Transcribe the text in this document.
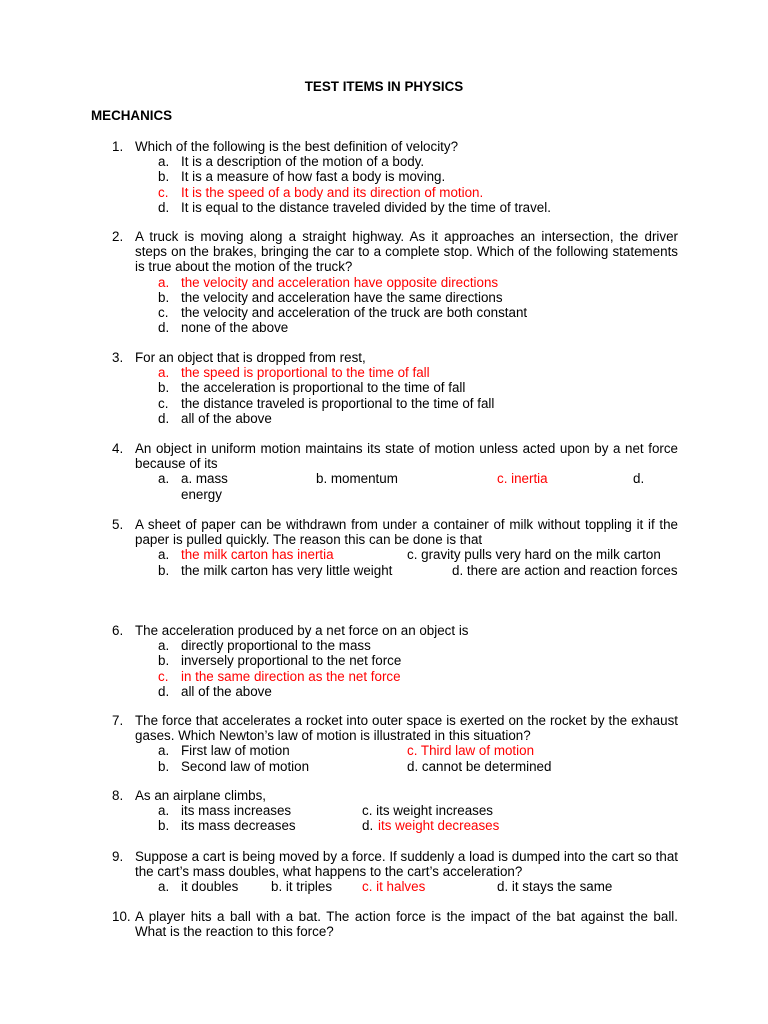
TEST ITEMS IN PHYSICS
MECHANICS
1. Which of the following is the best definition of velocity?
a. It is a description of the motion of a body.
b. It is a measure of how fast a body is moving.
c. It is the speed of a body and its direction of motion.
d. It is equal to the distance traveled divided by the time of travel.
2. A truck is moving along a straight highway. As it approaches an intersection, the driver steps on the brakes, bringing the car to a complete stop. Which of the following statements is true about the motion of the truck?
a. the velocity and acceleration have opposite directions
b. the velocity and acceleration have the same directions
c. the velocity and acceleration of the truck are both constant
d. none of the above
3. For an object that is dropped from rest,
a. the speed is proportional to the time of fall
b. the acceleration is proportional to the time of fall
c. the distance traveled is proportional to the time of fall
d. all of the above
4. An object in uniform motion maintains its state of motion unless acted upon by a net force because of its
a. a. mass	b. momentum	c. inertia	d.
energy
5. A sheet of paper can be withdrawn from under a container of milk without toppling it if the paper is pulled quickly. The reason this can be done is that
a. the milk carton has inertia	c. gravity pulls very hard on the milk carton
b. the milk carton has very little weight	d. there are action and reaction forces
6. The acceleration produced by a net force on an object is
a. directly proportional to the mass
b. inversely proportional to the net force
c. in the same direction as the net force
d. all of the above
7. The force that accelerates a rocket into outer space is exerted on the rocket by the exhaust gases. Which Newton’s law of motion is illustrated in this situation?
a. First law of motion	c. Third law of motion
b. Second law of motion	d. cannot be determined
8. As an airplane climbs,
a. its mass increases	c. its weight increases
b. its mass decreases	d. its weight decreases
9. Suppose a cart is being moved by a force. If suddenly a load is dumped into the cart so that the cart’s mass doubles, what happens to the cart’s acceleration?
a. it doubles b. it triples c. it halves	d. it stays the same
10. A player hits a ball with a bat. The action force is the impact of the bat against the ball. What is the reaction to this force?
